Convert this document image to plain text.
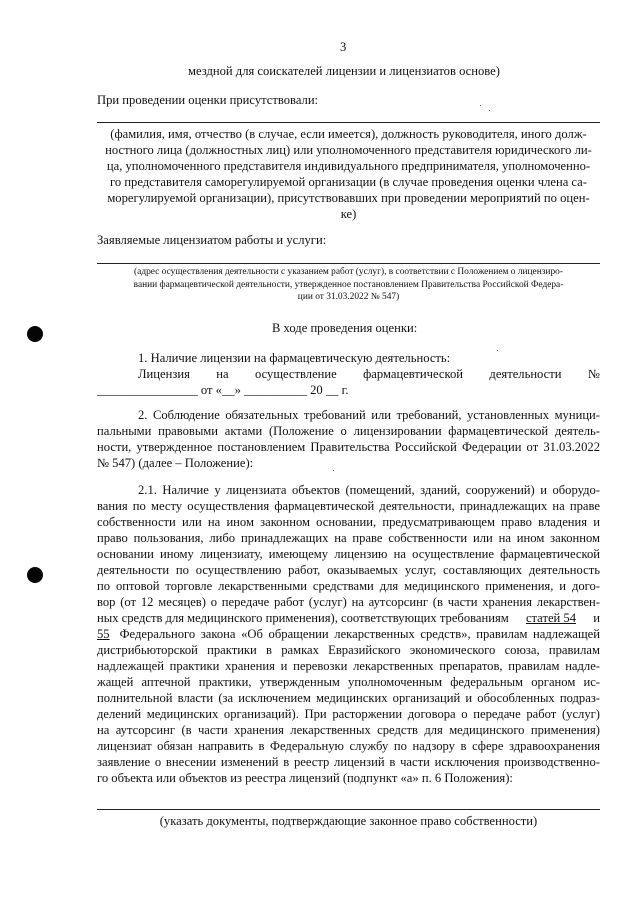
3
мездной для соискателей лицензии и лицензиатов основе)
При проведении оценки присутствовали:
(фамилия, имя, отчество (в случае, если имеется), должность руководителя, иного долж-
ностного лица (должностных лиц) или уполномоченного представителя юридического ли-
ца, уполномоченного представителя индивидуального предпринимателя, уполномоченно-
го представителя саморегулируемой организации (в случае проведения оценки члена са-
морегулируемой организации), присутствовавших при проведении мероприятий по оцен-
ке)
Заявляемые лицензиатом работы и услуги:
(адрес осуществления деятельности с указанием работ (услуг), в соответствии с Положением о лицензиро-
вании фармацевтической деятельности, утвержденное постановлением Правительства Российской Федера-
ции от 31.03.2022 № 547)
В ходе проведения оценки:
1. Наличие лицензии на фармацевтическую деятельность:
Лицензия на осуществление фармацевтической деятельности №
________________ от «__» __________ 20 __ г.
2. Соблюдение обязательных требований или требований, установленных муници-
пальными правовыми актами (Положение о лицензировании фармацевтической деятель-
ности, утвержденное постановлением Правительства Российской Федерации от 31.03.2022
№ 547) (далее – Положение):
2.1. Наличие у лицензиата объектов (помещений, зданий, сооружений) и оборудо-
вания по месту осуществления фармацевтической деятельности, принадлежащих на праве
собственности или на ином законном основании, предусматривающем право владения и
право пользования, либо принадлежащих на праве собственности или на ином законном
основании иному лицензиату, имеющему лицензию на осуществление фармацевтической
деятельности по осуществлению работ, оказываемых услуг, составляющих деятельность
по оптовой торговле лекарственными средствами для медицинского применения, и дого-
вор (от 12 месяцев) о передаче работ (услуг) на аутсорсинг (в части хранения лекарствен-
ных средств для медицинского применения), соответствующих требованиям статей 54 и
55 Федерального закона «Об обращении лекарственных средств», правилам надлежащей
дистрибьюторской практики в рамках Евразийского экономического союза, правилам
надлежащей практики хранения и перевозки лекарственных препаратов, правилам надле-
жащей аптечной практики, утвержденным уполномоченным федеральным органом ис-
полнительной власти (за исключением медицинских организаций и обособленных подраз-
делений медицинских организаций). При расторжении договора о передаче работ (услуг)
на аутсорсинг (в части хранения лекарственных средств для медицинского применения)
лицензиат обязан направить в Федеральную службу по надзору в сфере здравоохранения
заявление о внесении изменений в реестр лицензий в части исключения производственно-
го объекта или объектов из реестра лицензий (подпункт «а» п. 6 Положения):
(указать документы, подтверждающие законное право собственности)
